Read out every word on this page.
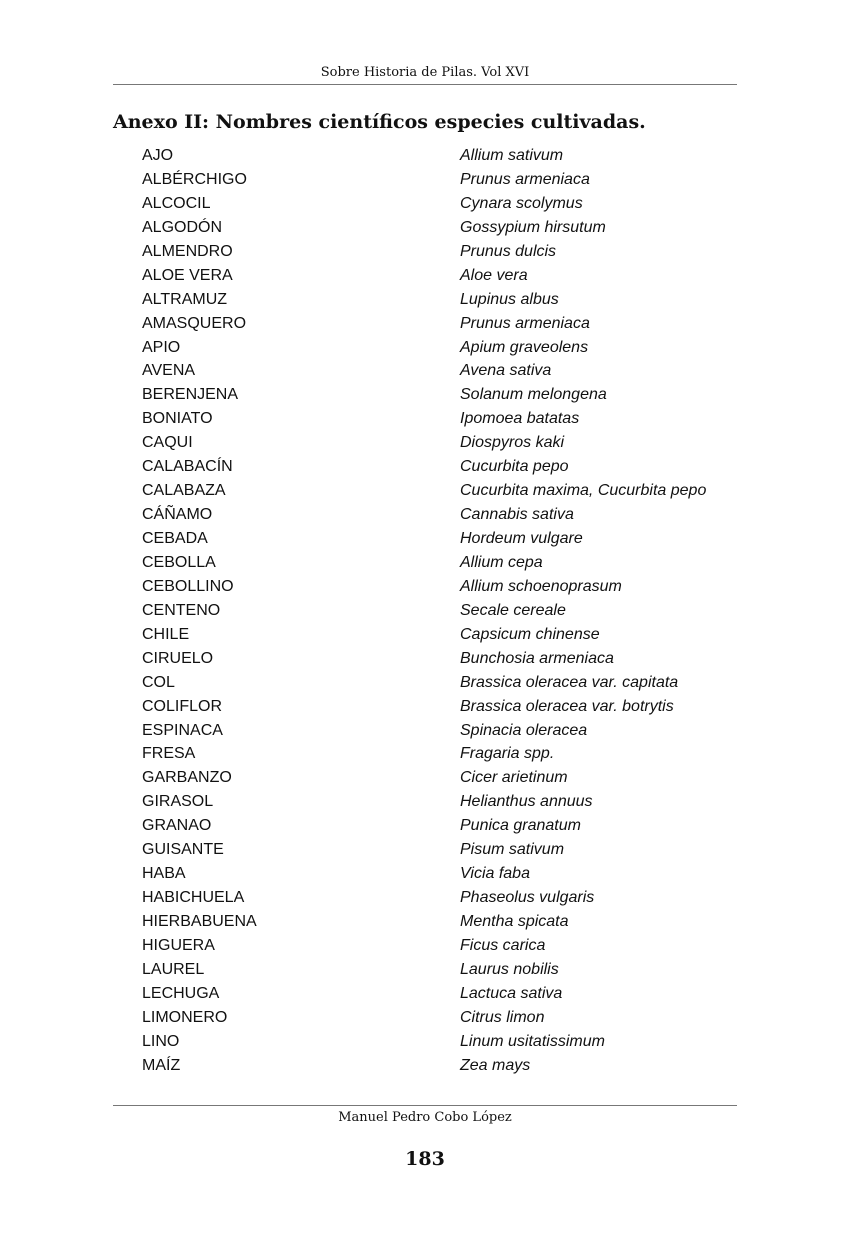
Sobre Historia de Pilas. Vol XVI
Anexo II: Nombres científicos especies cultivadas.
AJO	Allium sativum
ALBÉRCHIGO	Prunus armeniaca
ALCOCIL	Cynara scolymus
ALGODÓN	Gossypium hirsutum
ALMENDRO	Prunus dulcis
ALOE VERA	Aloe vera
ALTRAMUZ	Lupinus albus
AMASQUERO	Prunus armeniaca
APIO	Apium graveolens
AVENA	Avena sativa
BERENJENA	Solanum melongena
BONIATO	Ipomoea batatas
CAQUI	Diospyros kaki
CALABACÍN	Cucurbita pepo
CALABAZA	Cucurbita maxima, Cucurbita pepo
CÁÑAMO	Cannabis sativa
CEBADA	Hordeum vulgare
CEBOLLA	Allium cepa
CEBOLLINO	Allium schoenoprasum
CENTENO	Secale cereale
CHILE	Capsicum chinense
CIRUELO	Bunchosia armeniaca
COL	Brassica oleracea var. capitata
COLIFLOR	Brassica oleracea var. botrytis
ESPINACA	Spinacia oleracea
FRESA	Fragaria spp.
GARBANZO	Cicer arietinum
GIRASOL	Helianthus annuus
GRANAO	Punica granatum
GUISANTE	Pisum sativum
HABA	Vicia faba
HABICHUELA	Phaseolus vulgaris
HIERBABUENA	Mentha spicata
HIGUERA	Ficus carica
LAUREL	Laurus nobilis
LECHUGA	Lactuca sativa
LIMONERO	Citrus limon
LINO	Linum usitatissimum
MAÍZ	Zea mays
Manuel Pedro Cobo López
183
